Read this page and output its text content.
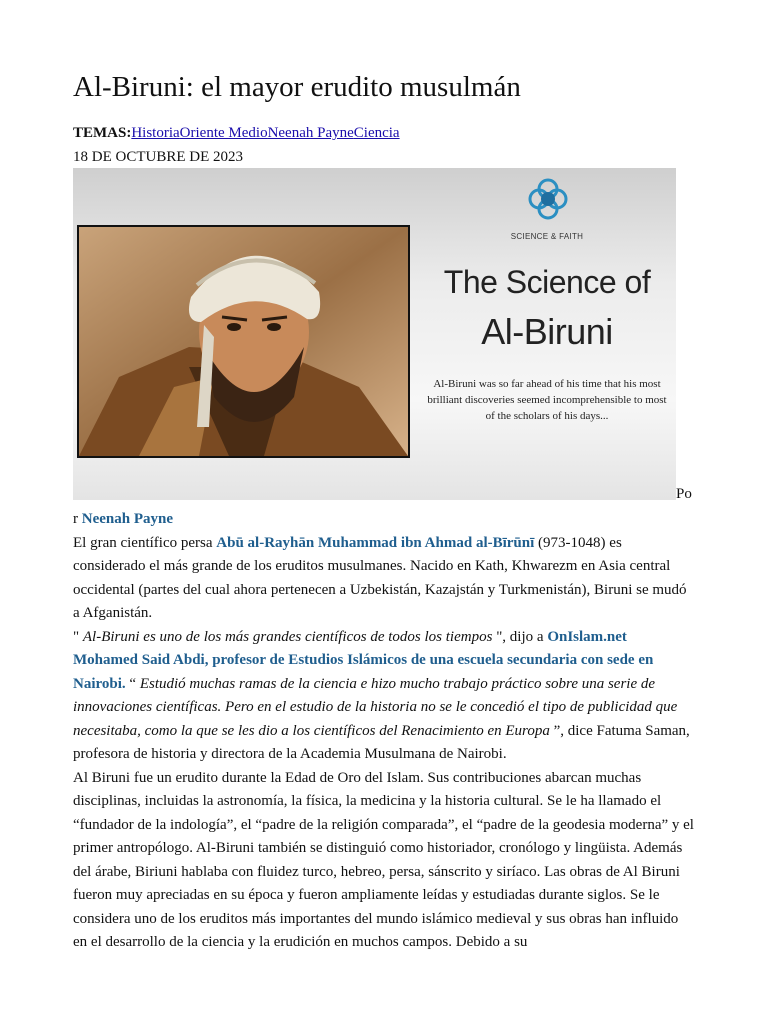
Al-Biruni: el mayor erudito musulmán
TEMAS:HistoriaOriente MedioNeenah PayneCiencia
18 DE OCTUBRE DE 2023
SCIENCE & FAITH
The Science of
Al-Biruni
Al-Biruni was so far ahead of his time that his most brilliant discoveries seemed incomprehensible to most of the scholars of his days...
Po

r Neenah Payne

El gran científico persa Abū al-Rayhān Muhammad ibn Ahmad al-Bīrūnī (973-1048) es considerado el más grande de los eruditos musulmanes. Nacido en Kath, Khwarezm en Asia central occidental (partes del cual ahora pertenecen a Uzbekistán, Kazajstán y Turkmenistán), Biruni se mudó a Afganistán.

" Al-Biruni es uno de los más grandes científicos de todos los tiempos ", dijo a OnIslam.net Mohamed Said Abdi, profesor de Estudios Islámicos de una escuela secundaria con sede en Nairobi. “ Estudió muchas ramas de la ciencia e hizo mucho trabajo práctico sobre una serie de innovaciones científicas. Pero en el estudio de la historia no se le concedió el tipo de publicidad que necesitaba, como la que se les dio a los científicos del Renacimiento en Europa ”, dice Fatuma Saman, profesora de historia y directora de la Academia Musulmana de Nairobi.

Al Biruni fue un erudito durante la Edad de Oro del Islam. Sus contribuciones abarcan muchas disciplinas, incluidas la astronomía, la física, la medicina y la historia cultural. Se le ha llamado el “fundador de la indología”, el “padre de la religión comparada”, el “padre de la geodesia moderna” y el primer antropólogo. Al-Biruni también se distinguió como historiador, cronólogo y lingüista. Además del árabe, Biriuni hablaba con fluidez turco, hebreo, persa, sánscrito y siríaco. Las obras de Al Biruni fueron muy apreciadas en su época y fueron ampliamente leídas y estudiadas durante siglos. Se le considera uno de los eruditos más importantes del mundo islámico medieval y sus obras han influido en el desarrollo de la ciencia y la erudición en muchos campos. Debido a su
